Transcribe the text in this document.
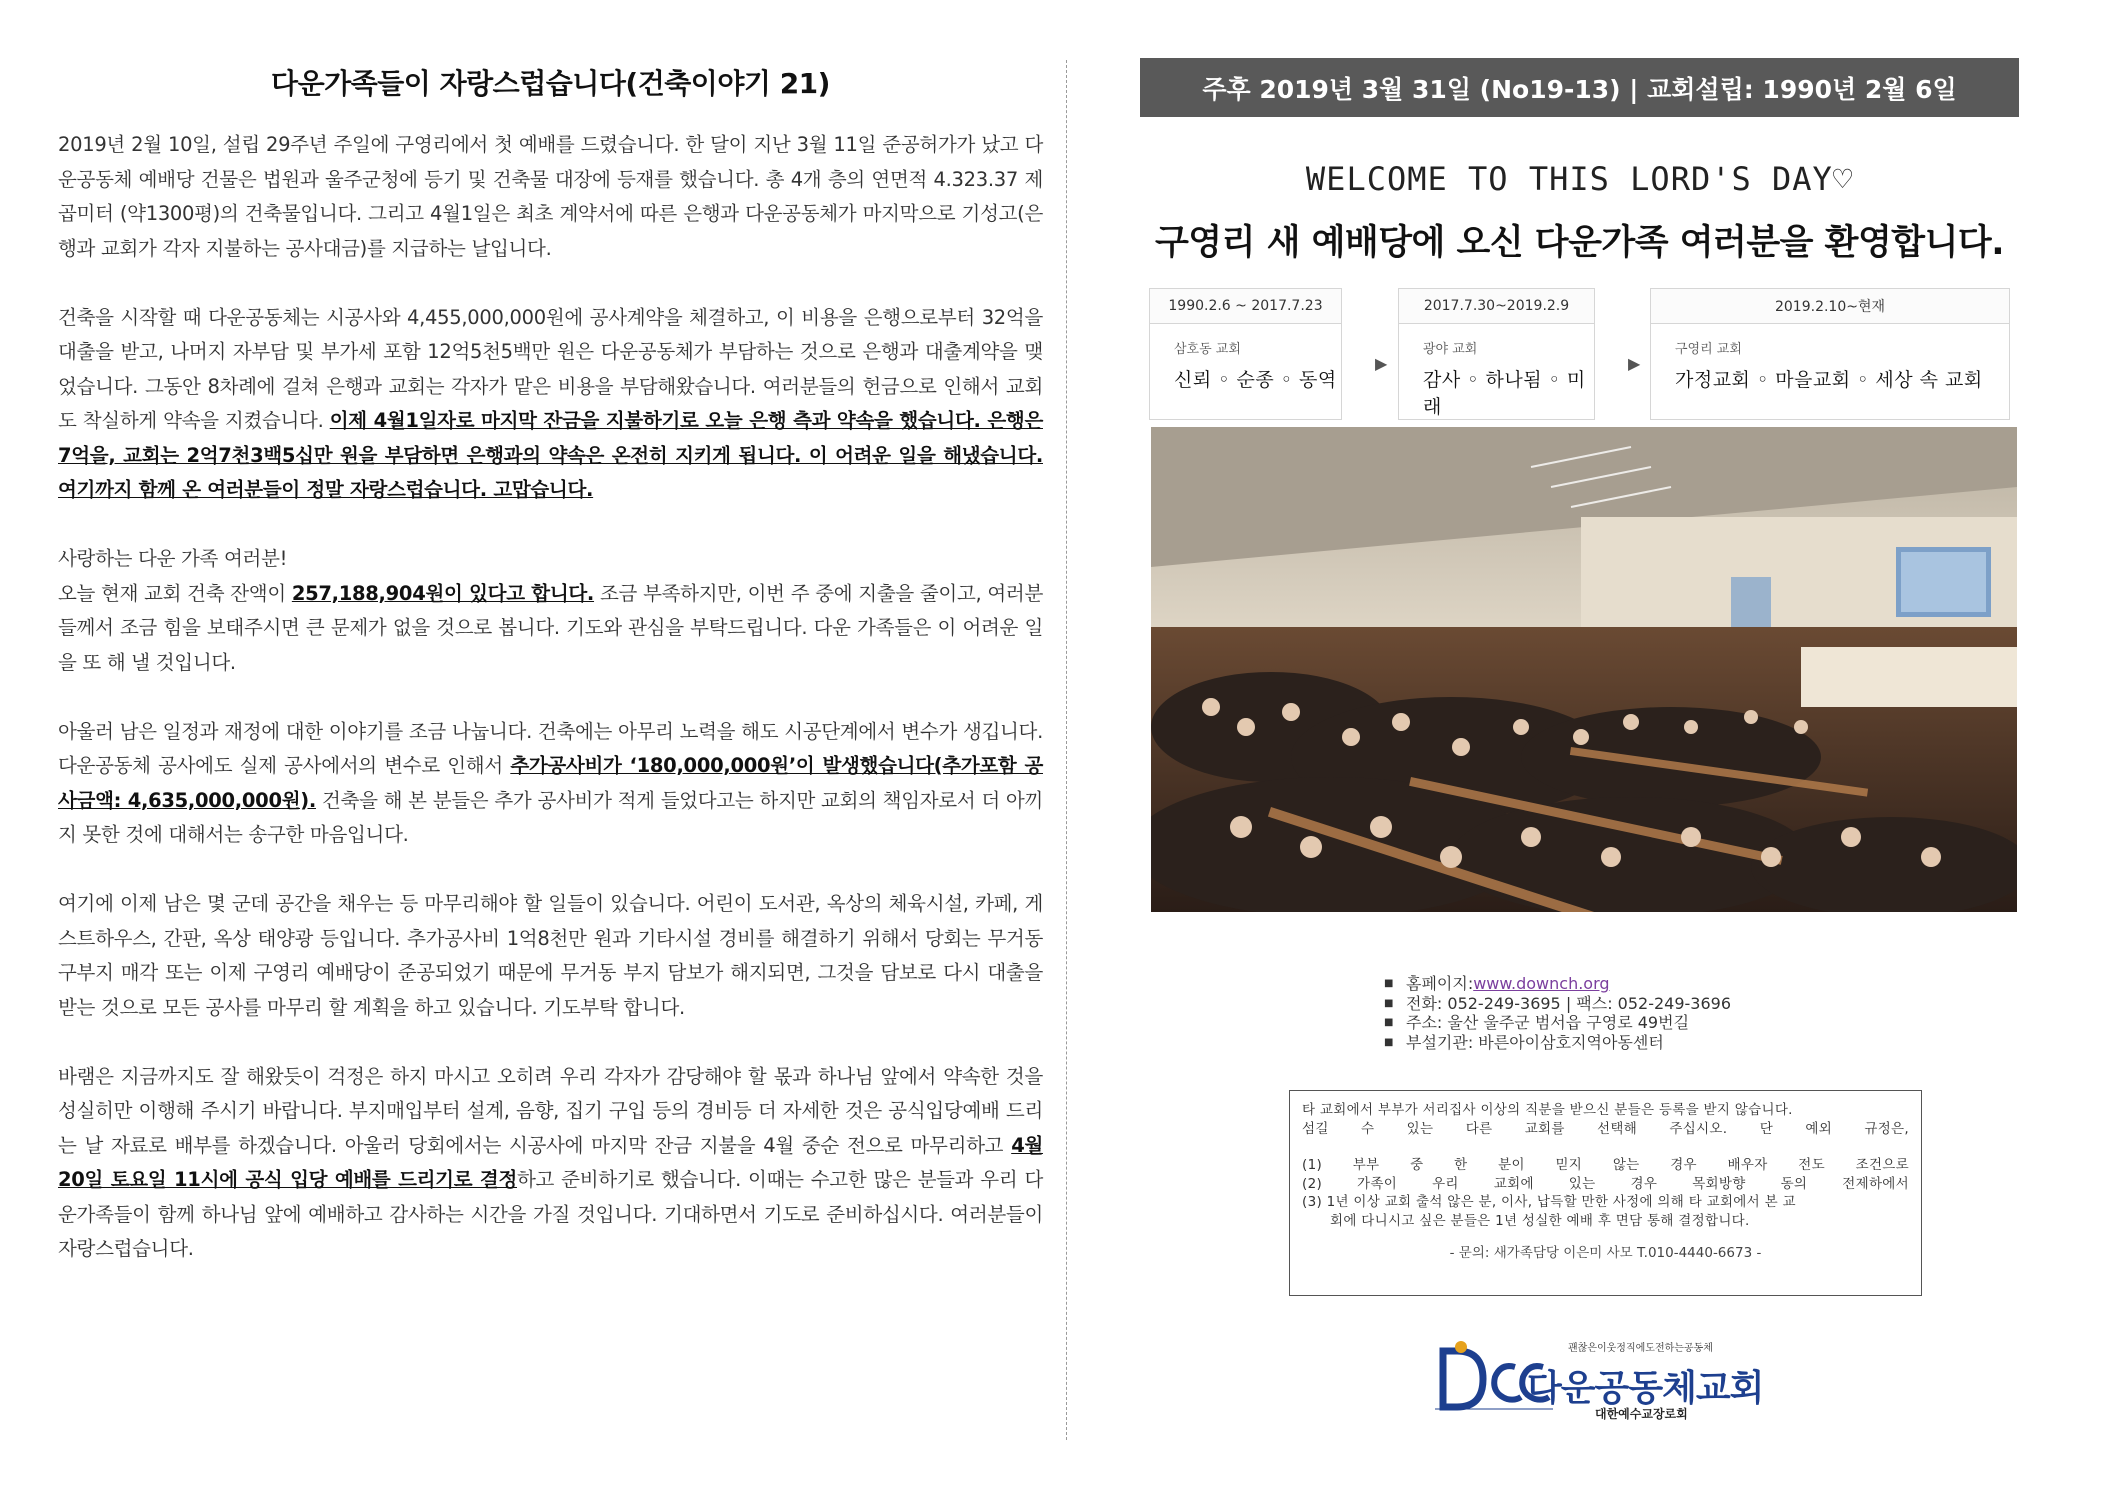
다운가족들이 자랑스럽습니다(건축이야기 21)

2019년 2월 10일, 설립 29주년 주일에 구영리에서 첫 예배를 드렸습니다. 한 달이 지난 3월 11일 준공허가가 났고 다운공동체 예배당 건물은 법원과 울주군청에 등기 및 건축물 대장에 등재를 했습니다. 총 4개 층의 연면적 4.323.37 제곱미터 (약1300평)의 건축물입니다. 그리고 4월1일은 최초 계약서에 따른 은행과 다운공동체가 마지막으로 기성고(은행과 교회가 각자 지불하는 공사대금)를 지급하는 날입니다.

건축을 시작할 때 다운공동체는 시공사와 4,455,000,000원에 공사계약을 체결하고, 이 비용을 은행으로부터 32억을 대출을 받고, 나머지 자부담 및 부가세 포함 12억5천5백만 원은 다운공동체가 부담하는 것으로 은행과 대출계약을 맺었습니다. 그동안 8차례에 걸쳐 은행과 교회는 각자가 맡은 비용을 부담해왔습니다. 여러분들의 헌금으로 인해서 교회도 착실하게 약속을 지켰습니다. 이제 4월1일자로 마지막 잔금을 지불하기로 오늘 은행 측과 약속을 했습니다. 은행은 7억을, 교회는 2억7천3백5십만 원을 부담하면 은행과의 약속은 온전히 지키게 됩니다. 이 어려운 일을 해냈습니다. 여기까지 함께 온 여러분들이 정말 자랑스럽습니다. 고맙습니다.

사랑하는 다운 가족 여러분!

오늘 현재 교회 건축 잔액이 257,188,904원이 있다고 합니다. 조금 부족하지만, 이번 주 중에 지출을 줄이고, 여러분들께서 조금 힘을 보태주시면 큰 문제가 없을 것으로 봅니다. 기도와 관심을 부탁드립니다. 다운 가족들은 이 어려운 일을 또 해 낼 것입니다.

아울러 남은 일정과 재정에 대한 이야기를 조금 나눕니다. 건축에는 아무리 노력을 해도 시공단계에서 변수가 생깁니다. 다운공동체 공사에도 실제 공사에서의 변수로 인해서 추가공사비가 ‘180,000,000원’이 발생했습니다(추가포함 공사금액: 4,635,000,000원). 건축을 해 본 분들은 추가 공사비가 적게 들었다고는 하지만 교회의 책임자로서 더 아끼지 못한 것에 대해서는 송구한 마음입니다.

여기에 이제 남은 몇 군데 공간을 채우는 등 마무리해야 할 일들이 있습니다. 어린이 도서관, 옥상의 체육시설, 카페, 게스트하우스, 간판, 옥상 태양광 등입니다. 추가공사비 1억8천만 원과 기타시설 경비를 해결하기 위해서 당회는 무거동 구부지 매각 또는 이제 구영리 예배당이 준공되었기 때문에 무거동 부지 담보가 해지되면, 그것을 담보로 다시 대출을 받는 것으로 모든 공사를 마무리 할 계획을 하고 있습니다. 기도부탁 합니다.

바램은 지금까지도 잘 해왔듯이 걱정은 하지 마시고 오히려 우리 각자가 감당해야 할 몫과 하나님 앞에서 약속한 것을 성실히만 이행해 주시기 바랍니다. 부지매입부터 설계, 음향, 집기 구입 등의 경비등 더 자세한 것은 공식입당예배 드리는 날 자료로 배부를 하겠습니다. 아울러 당회에서는 시공사에 마지막 잔금 지불을 4월 중순 전으로 마무리하고 4월 20일 토요일 11시에 공식 입당 예배를 드리기로 결정하고 준비하기로 했습니다. 이때는 수고한 많은 분들과 우리 다운가족들이 함께 하나님 앞에 예배하고 감사하는 시간을 가질 것입니다. 기대하면서 기도로 준비하십시다. 여러분들이 자랑스럽습니다.

주후 2019년 3월 31일 (No19-13) | 교회설립: 1990년 2월 6일
WELCOME TO THIS LORD'S DAY♡
구영리 새 예배당에 오신 다운가족 여러분을 환영합니다.
1990.2.6 ~ 2017.7.23
삼호동 교회
신뢰 ◦ 순종 ◦ 동역
▶
2017.7.30~2019.2.9
광야 교회
감사 ◦ 하나됨 ◦ 미래
▶
2019.2.10~현재
구영리 교회
가정교회 ◦ 마을교회 ◦ 세상 속 교회
■ 홈페이지: www.downch.org
■ 전화: 052-249-3695 | 팩스: 052-249-3696
■ 주소: 울산 울주군 범서읍 구영로 49번길
■ 부설기관: 바른아이삼호지역아동센터
타 교회에서 부부가 서리집사 이상의 직분을 받으신 분들은 등록을 받지 않습니다.
섬길 수 있는 다른 교회를 선택해 주십시오. 단 예외 규정은,
(1) 부부 중 한 분이 믿지 않는 경우 배우자 전도 조건으로
(2) 가족이 우리 교회에 있는 경우 목회방향 동의 전제하에서
(3) 1년 이상 교회 출석 않은 분, 이사, 납득할 만한 사정에 의해 타 교회에서 본 교
회에 다니시고 싶은 분들은 1년 성실한 예배 후 면담 통해 결정합니다.
- 문의: 새가족담당 이은미 사모 T.010-4440-6673 -
괜찮은이웃정직에도전하는공동체
다운공동체교회
대한예수교장로회
